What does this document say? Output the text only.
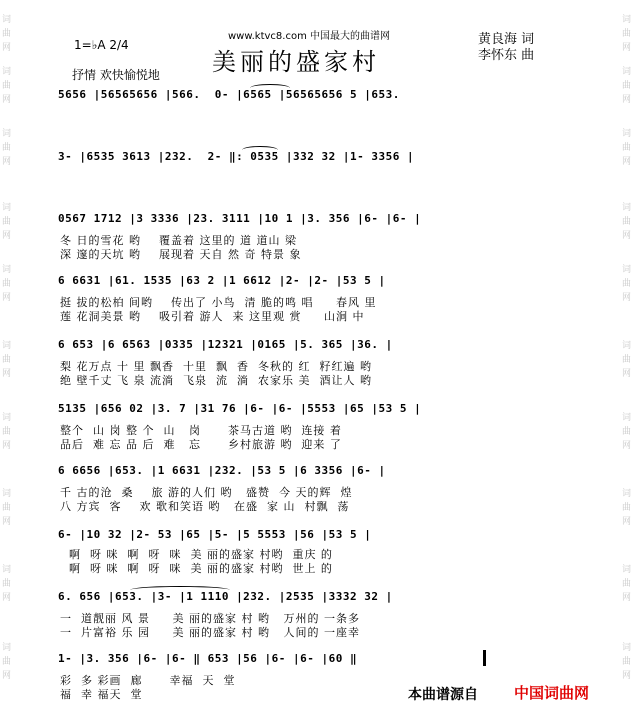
词
曲
网
词
曲
网
词
曲
网
词
曲
网
词
曲
网
词
曲
网
词
曲
网
词
曲
网
词
曲
网
词
曲
网
词
曲
网
词
曲
网
词
曲
网
词
曲
网
词
曲
网
词
曲
网
词
曲
网
词
曲
网
词
曲
网
词
曲
网
www.ktvc8.com 中国最大的曲谱网
美丽的盛家村
1=♭A 2/4
抒情 欢快愉悦地
黄良海 词
李怀东 曲
5656 |56565656 |566.  0- |6565 |56565656 5 |653.
3- |6535 3613 |232.  2- ‖: 0535 |332 32 |1- 3356 |
0567 1712 |3 3336 |23. 3111 |10 1 |3. 356 |6- |6- |
冬 日的雪花 哟    覆盖着 这里的 道 道山 梁
深 邃的天坑 哟    展现着 天自 然 奇 特景 象
6 6631 |61. 1535 |63 2 |1 6612 |2- |2- |53 5 |
挺 拔的松柏 间哟    传出了 小鸟  清 脆的鸣 唱     春风 里
莲 花洞美景 哟    吸引着 游人  来 这里观 赏     山涧 中
6 653 |6 6563 |0335 |12321 |0165 |5. 365 |36. |
梨 花万点 十 里 飘香  十里  飘  香  冬秋的 红  籽红遍 哟
绝 壁千丈 飞 泉 流淌  飞泉  流  淌  农家乐 美  酒让人 哟
5135 |656 02 |3. 7 |31 76 |6- |6- |5553 |65 |53 5 |
整个  山 岗 整 个  山   岗      茶马古道 哟  连接 着
品后  难 忘 品 后  难   忘      乡村旅游 哟  迎来 了
6 6656 |653. |1 6631 |232. |53 5 |6 3356 |6- |
千 古的沧  桑    旅 游的人们 哟   盛赞  今 天的辉  煌
八 方宾  客    欢 歌和笑语 哟   在盛  家 山  村飘  荡
6- |10 32 |2- 53 |65 |5- |5 5553 |56 |53 5 |
啊  呀 咪  啊  呀  咪  美 丽的盛家 村哟  重庆 的
啊  呀 咪  啊  呀  咪  美 丽的盛家 村哟  世上 的
6. 656 |653. |3- |1 1110 |232. |2535 |3332 32 |
一  道靓丽 风 景     美 丽的盛家 村 哟   万州的 一条多
一  片富裕 乐 园     美 丽的盛家 村 哟   人间的 一座幸
1- |3. 356 |6- |6- ‖ 653 |56 |6- |6- |60 ‖
彩  多 彩画  廊      幸福  天  堂
福  幸 福天  堂	本曲谱源自 中国词曲网
